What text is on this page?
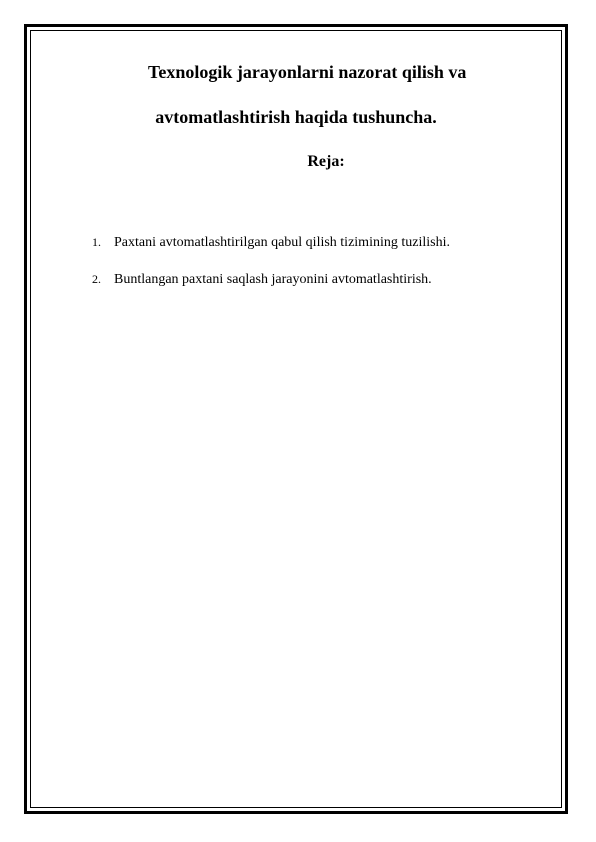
Texnologik jarayonlarni nazorat qilish va
avtomatlashtirish haqida tushuncha.
Reja:
1. Paxtani avtomatlashtirilgan qabul qilish tizimining tuzilishi.
2. Buntlangan paxtani saqlash jarayonini avtomatlashtirish.
